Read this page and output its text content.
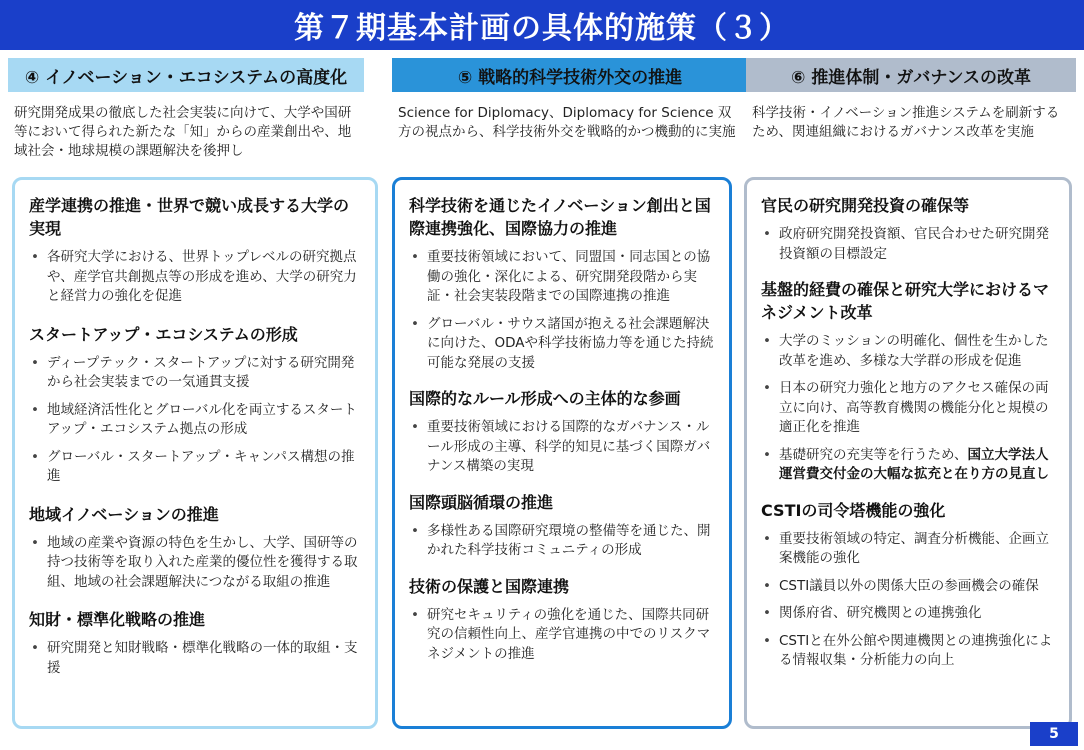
第７期基本計画の具体的施策（３）
④ イノベーション・エコシステムの高度化
研究開発成果の徹底した社会実装に向けて、大学や国研等において得られた新たな「知」からの産業創出や、地域社会・地球規模の課題解決を後押し
⑤ 戦略的科学技術外交の推進
Science for Diplomacy、Diplomacy for Science 双方の視点から、科学技術外交を戦略的かつ機動的に実施
⑥ 推進体制・ガバナンスの改革
科学技術・イノベーション推進システムを刷新するため、関連組織におけるガバナンス改革を実施
産学連携の推進・世界で競い成長する大学の実現
• 各研究大学における、世界トップレベルの研究拠点や、産学官共創拠点等の形成を進め、大学の研究力と経営力の強化を促進
スタートアップ・エコシステムの形成
• ディープテック・スタートアップに対する研究開発から社会実装までの一気通貫支援
• 地域経済活性化とグローバル化を両立するスタートアップ・エコシステム拠点の形成
• グローバル・スタートアップ・キャンパス構想の推進
地域イノベーションの推進
• 地域の産業や資源の特色を生かし、大学、国研等の持つ技術等を取り入れた産業的優位性を獲得する取組、地域の社会課題解決につながる取組の推進
知財・標準化戦略の推進
• 研究開発と知財戦略・標準化戦略の一体的取組・支援
科学技術を通じたイノベーション創出と国際連携強化、国際協力の推進
• 重要技術領域において、同盟国・同志国との協働の強化・深化による、研究開発段階から実証・社会実装段階までの国際連携の推進
• グローバル・サウス諸国が抱える社会課題解決に向けた、ODAや科学技術協力等を通じた持続可能な発展の支援
国際的なルール形成への主体的な参画
• 重要技術領域における国際的なガバナンス・ルール形成の主導、科学的知見に基づく国際ガバナンス構築の実現
国際頭脳循環の推進
• 多様性ある国際研究環境の整備等を通じた、開かれた科学技術コミュニティの形成
技術の保護と国際連携
• 研究セキュリティの強化を通じた、国際共同研究の信頼性向上、産学官連携の中でのリスクマネジメントの推進
官民の研究開発投資の確保等
• 政府研究開発投資額、官民合わせた研究開発投資額の目標設定
基盤的経費の確保と研究大学におけるマネジメント改革
• 大学のミッションの明確化、個性を生かした改革を進め、多様な大学群の形成を促進
• 日本の研究力強化と地方のアクセス確保の両立に向け、高等教育機関の機能分化と規模の適正化を推進
• 基礎研究の充実等を行うため、国立大学法人運営費交付金の大幅な拡充と在り方の見直し
CSTIの司令塔機能の強化
• 重要技術領域の特定、調査分析機能、企画立案機能の強化
• CSTI議員以外の関係大臣の参画機会の確保
• 関係府省、研究機関との連携強化
• CSTIと在外公館や関連機関との連携強化による情報収集・分析能力の向上
5
